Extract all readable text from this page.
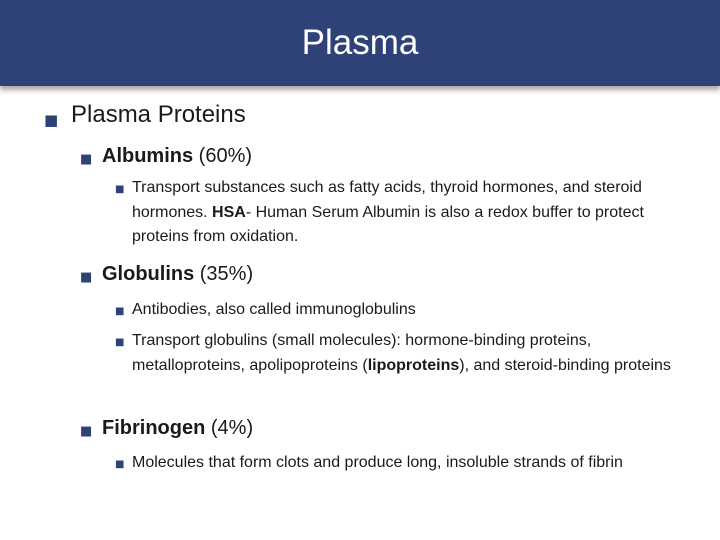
Plasma
■ Plasma Proteins
■ Albumins (60%)
■ Transport substances such as fatty acids, thyroid hormones, and steroid hormones. HSA- Human Serum Albumin is also a redox buffer to protect proteins from oxidation.
■ Globulins (35%)
■ Antibodies, also called immunoglobulins
■ Transport globulins (small molecules): hormone-binding proteins, metalloproteins, apolipoproteins (lipoproteins), and steroid-binding proteins
■ Fibrinogen (4%)
■ Molecules that form clots and produce long, insoluble strands of fibrin
